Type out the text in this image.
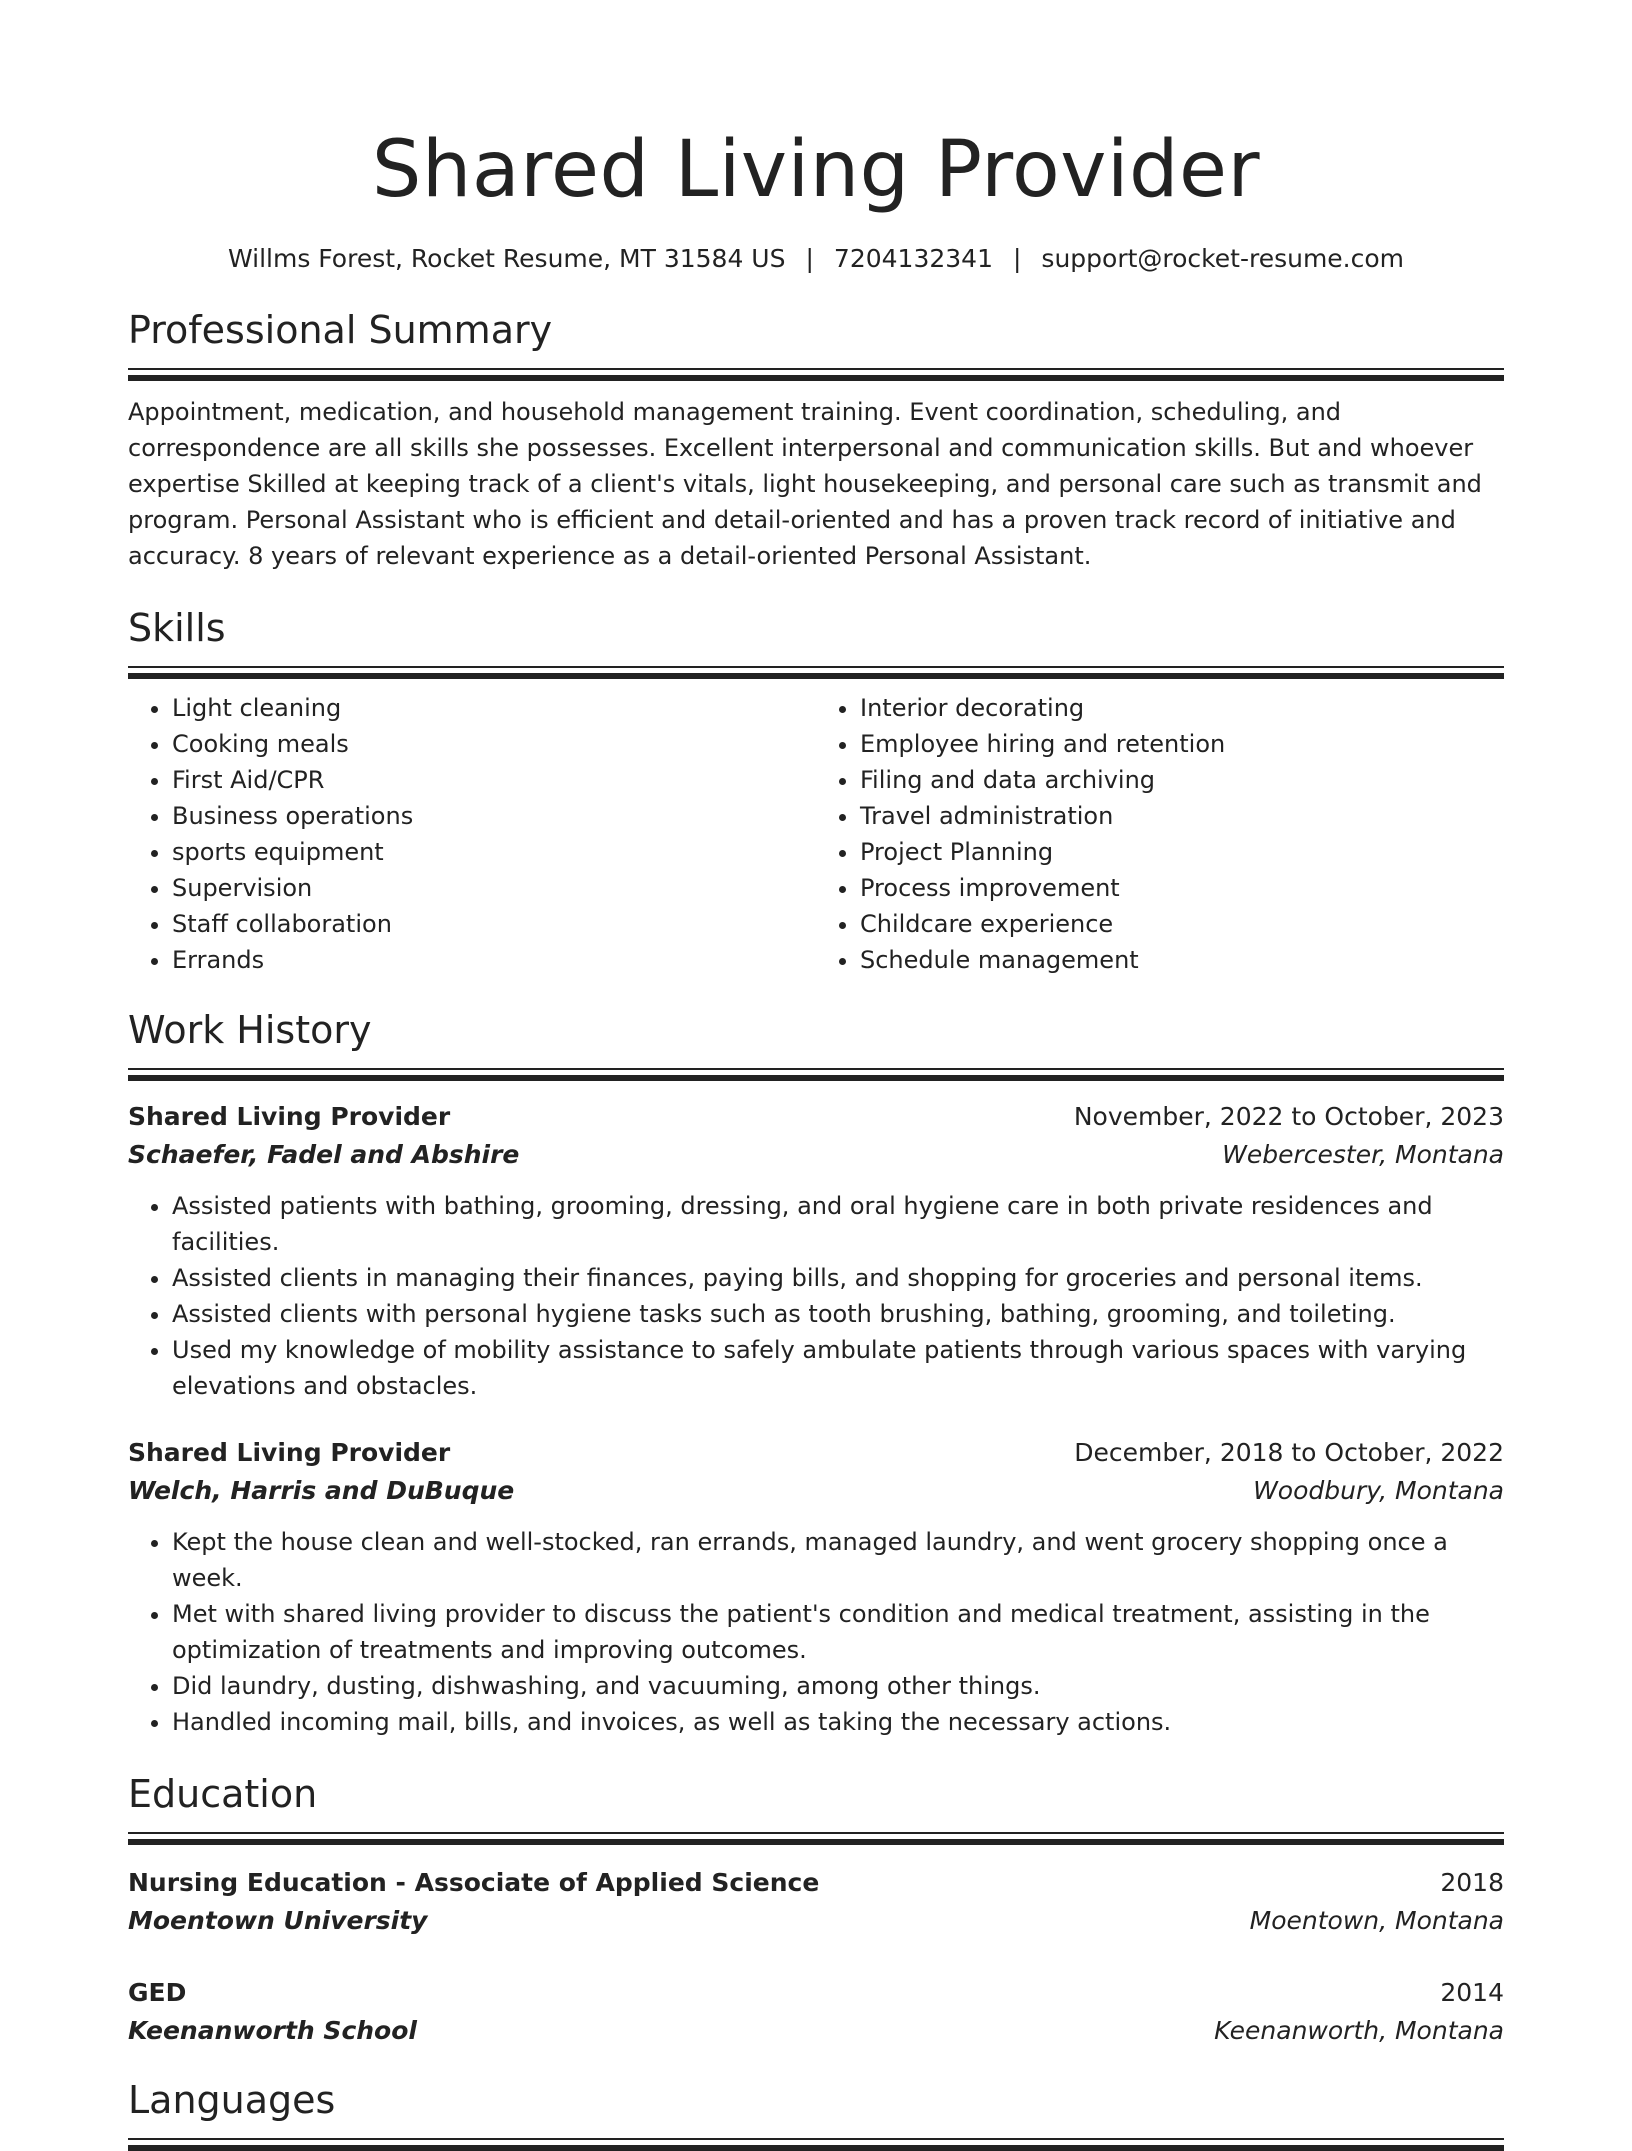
Shared Living Provider
Willms Forest, Rocket Resume, MT 31584 US | 7204132341 | support@rocket-resume.com
Professional Summary
Appointment, medication, and household management training. Event coordination, scheduling, and correspondence are all skills she possesses. Excellent interpersonal and communication skills. But and whoever expertise Skilled at keeping track of a client's vitals, light housekeeping, and personal care such as transmit and program. Personal Assistant who is efficient and detail-oriented and has a proven track record of initiative and accuracy. 8 years of relevant experience as a detail-oriented Personal Assistant.
Skills
• Light cleaning
• Cooking meals
• First Aid/CPR
• Business operations
• sports equipment
• Supervision
• Staff collaboration
• Errands
• Interior decorating
• Employee hiring and retention
• Filing and data archiving
• Travel administration
• Project Planning
• Process improvement
• Childcare experience
• Schedule management
Work History
Shared Living Provider	November, 2022 to October, 2023
Schaefer, Fadel and Abshire	Webercester, Montana
• Assisted patients with bathing, grooming, dressing, and oral hygiene care in both private residences and facilities.
• Assisted clients in managing their finances, paying bills, and shopping for groceries and personal items.
• Assisted clients with personal hygiene tasks such as tooth brushing, bathing, grooming, and toileting.
• Used my knowledge of mobility assistance to safely ambulate patients through various spaces with varying elevations and obstacles.
Shared Living Provider	December, 2018 to October, 2022
Welch, Harris and DuBuque	Woodbury, Montana
• Kept the house clean and well-stocked, ran errands, managed laundry, and went grocery shopping once a week.
• Met with shared living provider to discuss the patient's condition and medical treatment, assisting in the optimization of treatments and improving outcomes.
• Did laundry, dusting, dishwashing, and vacuuming, among other things.
• Handled incoming mail, bills, and invoices, as well as taking the necessary actions.
Education
Nursing Education - Associate of Applied Science	2018
Moentown University	Moentown, Montana
GED	2014
Keenanworth School	Keenanworth, Montana
Languages
